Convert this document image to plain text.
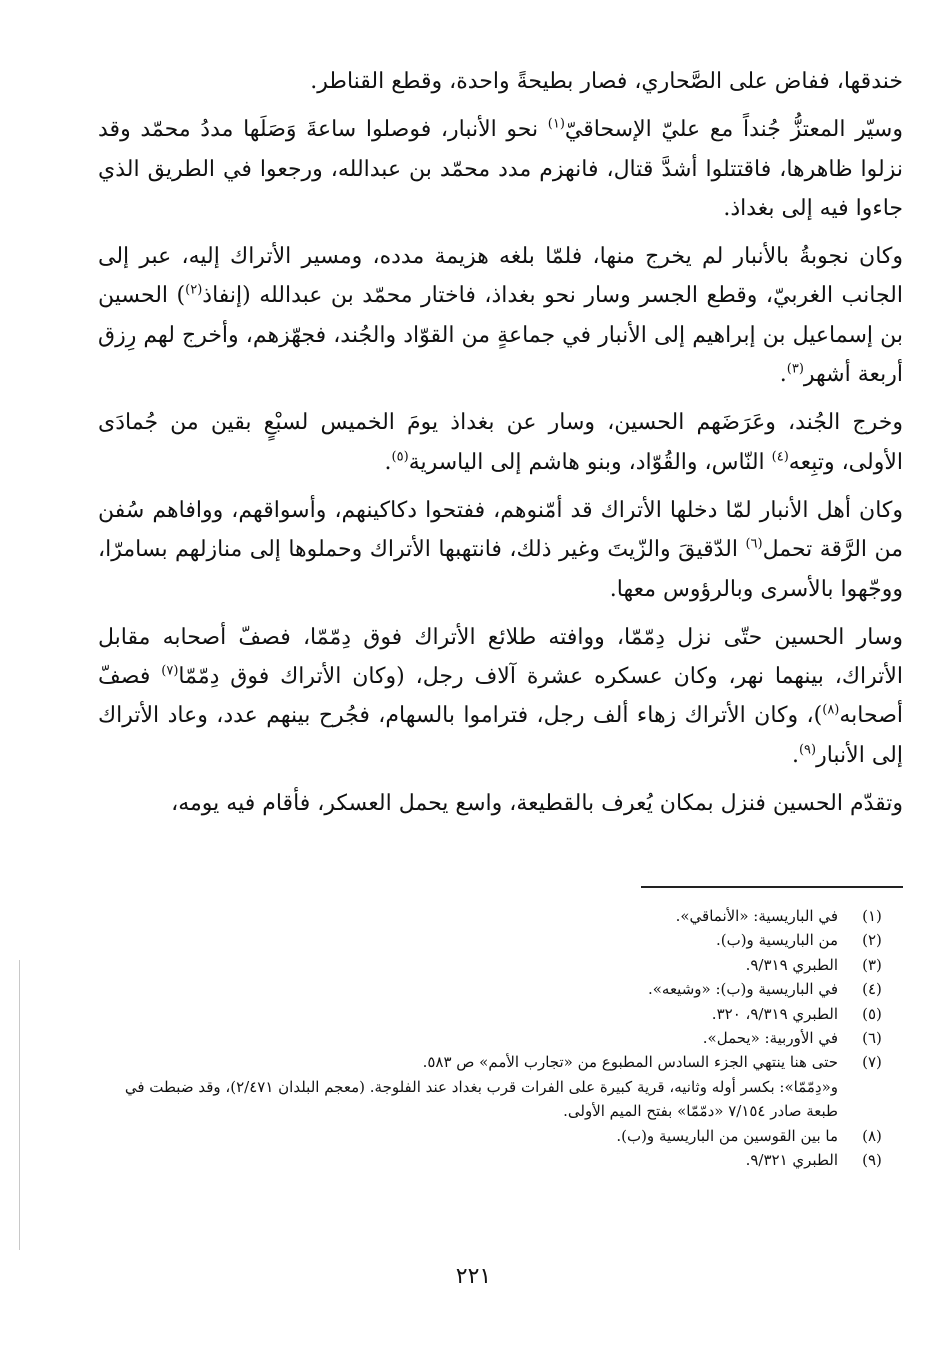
خندقها، ففاض على الصَّحاري، فصار بطيحةً واحدة، وقطع القناطر.

وسيّر المعتزُّ جُنداً مع عليّ الإسحاقيّ$^{(١)}$ نحو الأنبار، فوصلوا ساعةَ وَصَلَها مددُ محمّد وقد نزلوا ظاهرها، فاقتتلوا أشدَّ قتال، فانهزم مدد محمّد بن عبدالله، ورجعوا في الطريق الذي جاءوا فيه إلى بغداذ.

وكان نجوبةُ بالأنبار لم يخرج منها، فلمّا بلغه هزيمة مدده، ومسير الأتراك إليه، عبر إلى الجانب الغربيّ، وقطع الجسر وسار نحو بغداذ، فاختار محمّد بن عبدالله (إنفاذ$^{(٢)}$) الحسين بن إسماعيل بن إبراهيم إلى الأنبار في جماعةٍ من القوّاد والجُند، فجهّزهم، وأخرج لهم رِزق أربعة أشهر$^{(٣)}$.

وخرج الجُند، وعَرَضَهم الحسين، وسار عن بغداذ يومَ الخميس لسبْعٍ بقين من جُمادَى الأولى، وتبِعه$^{(٤)}$ النّاس، والقُوّاد، وبنو هاشم إلى الياسرية$^{(٥)}$.

وكان أهل الأنبار لمّا دخلها الأتراك قد أمّنوهم، ففتحوا دكاكينهم، وأسواقهم، ووافاهم سُفن من الرَّقة تحمل$^{(٦)}$ الدّقيقَ والزّيتَ وغير ذلك، فانتهبها الأتراك وحملوها إلى منازلهم بسامرّا، ووجّهوا بالأسرى وبالرؤوس معها.

وسار الحسين حتّى نزل دِمّمّا، ووافته طلائع الأتراك فوق دِمّمّا، فصفّ أصحابه مقابل الأتراك، بينهما نهر، وكان عسكره عشرة آلاف رجل، (وكان الأتراك فوق دِمّمّا$^{(٧)}$ فصفّ أصحابه$^{(٨)}$)، وكان الأتراك زهاء ألف رجل، فتراموا بالسهام، فجُرح بينهم عدد، وعاد الأتراك إلى الأنبار$^{(٩)}$.

وتقدّم الحسين فنزل بمكان يُعرف بالقطيعة، واسع يحمل العسكر، فأقام فيه يومه،

(١)
في الباريسية: «الأنماقي».
(٢)
من الباريسية و(ب).
(٣)
الطبري ٩/٣١٩.
(٤)
في الباريسية و(ب): «وشيعه».
(٥)
الطبري ٩/٣١٩، ٣٢٠.
(٦)
في الأوربية: «يحمل».
(٧)
حتى هنا ينتهي الجزء السادس المطبوع من «تجارب الأمم» ص ٥٨٣.
و«دِمّمّا»: بكسر أوله وثانيه، قرية كبيرة على الفرات قرب بغداد عند الفلوجة. (معجم البلدان ٢/٤٧١)، وقد ضبطت في طبعة صادر ٧/١٥٤ «دمّمّا» بفتح الميم الأولى.
(٨)
ما بين القوسين من الباريسية و(ب).
(٩)
الطبري ٩/٣٢١.
٢٢١
